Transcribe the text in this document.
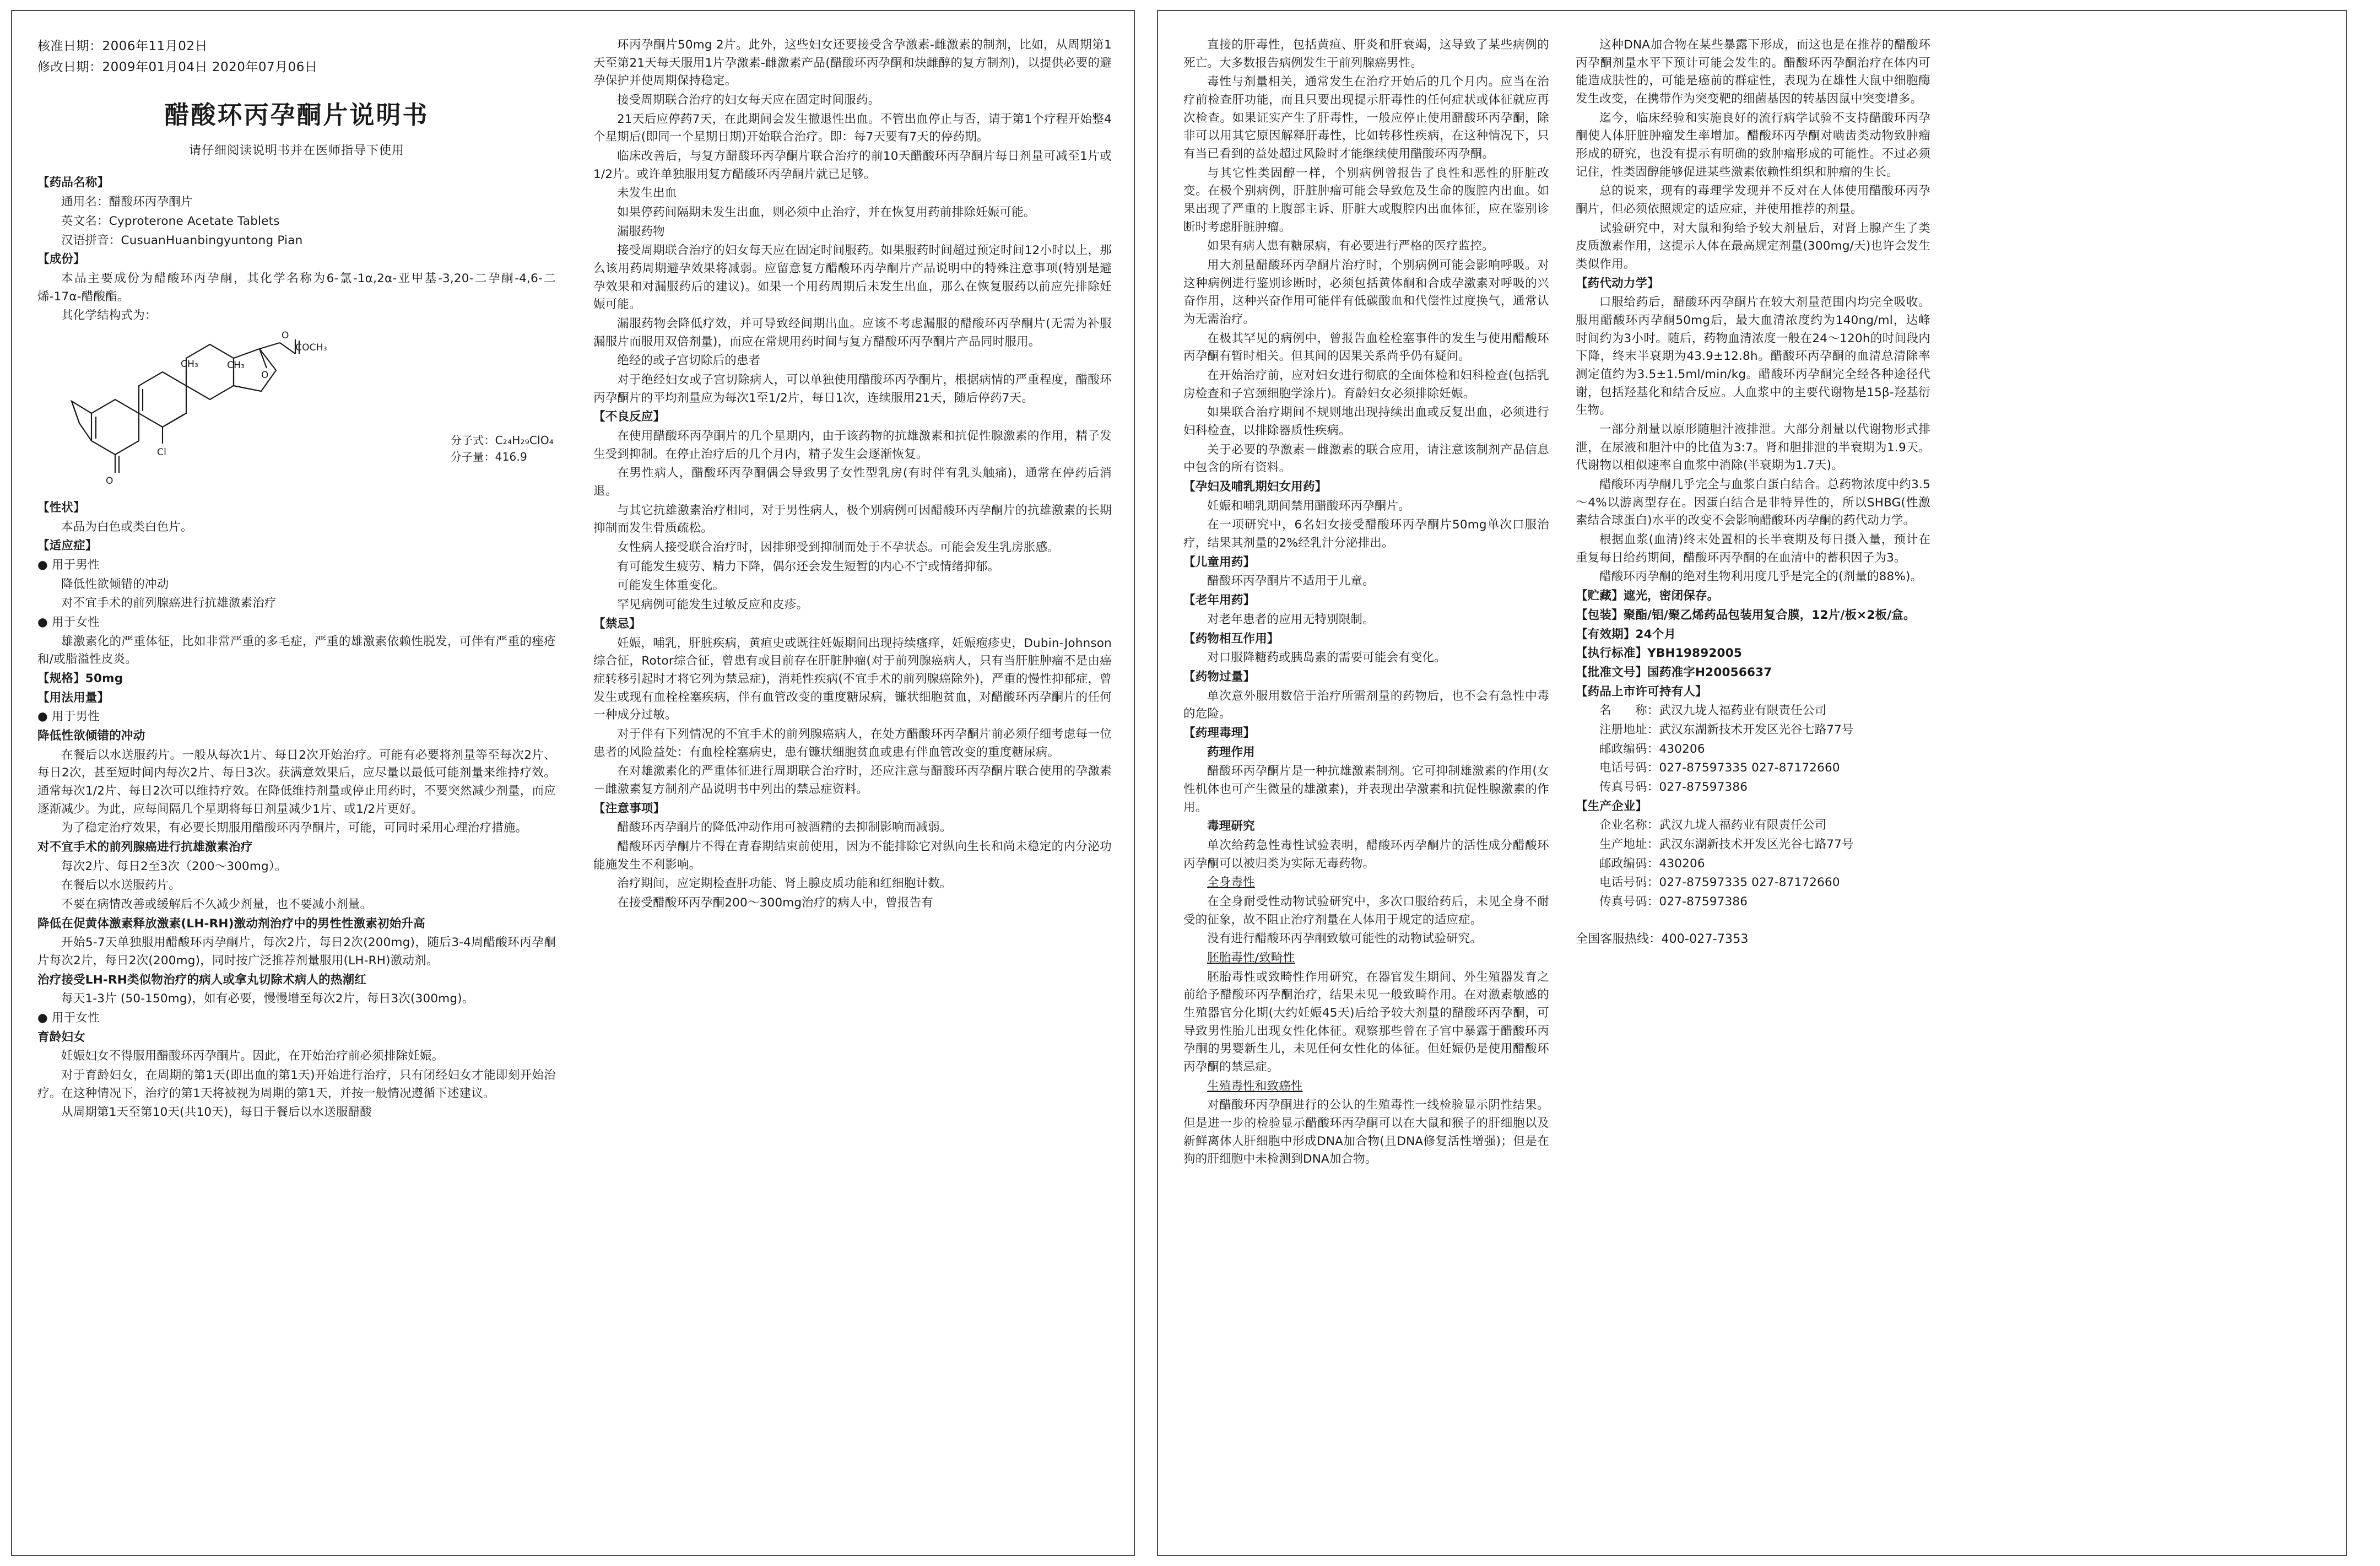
核准日期：2006年11月02日

修改日期：2009年01月04日 2020年07月06日

醋酸环丙孕酮片说明书
请仔细阅读说明书并在医师指导下使用

【药品名称】

通用名：醋酸环丙孕酮片

英文名：Cyproterone Acetate Tablets

汉语拼音：CusuanHuanbingyuntong Pian

【成份】

本品主要成份为醋酸环丙孕酮，其化学名称为6-氯-1α,2α-亚甲基-3,20-二孕酮-4,6-二烯-17α-醋酸酯。

其化学结构式为：

O
Cl
CH₃	CH₃
O
COCH₃
O
分子式：C₂₄H₂₉ClO₄
分子量：416.9

【性状】

本品为白色或类白色片。

【适应症】

● 用于男性

降低性欲倾错的冲动

对不宜手术的前列腺癌进行抗雄激素治疗

● 用于女性

雄激素化的严重体征，比如非常严重的多毛症，严重的雄激素依赖性脱发，可伴有严重的痤疮和/或脂溢性皮炎。

【规格】50mg

【用法用量】

● 用于男性

降低性欲倾错的冲动

在餐后以水送服药片。一般从每次1片、每日2次开始治疗。可能有必要将剂量等至每次2片、每日2次，甚至短时间内每次2片、每日3次。获满意效果后，应尽量以最低可能剂量来维持疗效。通常每次1/2片、每日2次可以维持疗效。在降低维持剂量或停止用药时，不要突然减少剂量，而应逐渐减少。为此，应每间隔几个星期将每日剂量减少1片、或1/2片更好。

为了稳定治疗效果，有必要长期服用醋酸环丙孕酮片，可能，可同时采用心理治疗措施。

对不宜手术的前列腺癌进行抗雄激素治疗

每次2片、每日2至3次（200～300mg）。

在餐后以水送服药片。

不要在病情改善或缓解后不久减少剂量，也不要减小剂量。

降低在促黄体激素释放激素(LH-RH)激动剂治疗中的男性性激素初始升高

开始5-7天单独服用醋酸环丙孕酮片，每次2片，每日2次(200mg)，随后3-4周醋酸环丙孕酮片每次2片，每日2次(200mg)，同时按广泛推荐剂量服用(LH-RH)激动剂。

治疗接受LH-RH类似物治疗的病人或拿丸切除术病人的热潮红

每天1-3片 (50-150mg)，如有必要，慢慢增至每次2片，每日3次(300mg)。

● 用于女性

育龄妇女

妊娠妇女不得服用醋酸环丙孕酮片。因此，在开始治疗前必须排除妊娠。

对于育龄妇女，在周期的第1天(即出血的第1天)开始进行治疗，只有闭经妇女才能即刻开始治疗。在这种情况下，治疗的第1天将被视为周期的第1天，并按一般情况遵循下述建议。

从周期第1天至第10天(共10天)，每日于餐后以水送服醋酸

环丙孕酮片50mg 2片。此外，这些妇女还要接受含孕激素-雌激素的制剂，比如，从周期第1天至第21天每天服用1片孕激素-雌激素产品(醋酸环丙孕酮和炔雌醇的复方制剂)，以提供必要的避孕保护并使周期保持稳定。

接受周期联合治疗的妇女每天应在固定时间服药。

21天后应停药7天，在此期间会发生撤退性出血。不管出血停止与否，请于第1个疗程开始整4个星期后(即同一个星期日期)开始联合治疗。即：每7天要有7天的停药期。

临床改善后，与复方醋酸环丙孕酮片联合治疗的前10天醋酸环丙孕酮片每日剂量可减至1片或1/2片。或许单独服用复方醋酸环丙孕酮片就已足够。

未发生出血

如果停药间隔期未发生出血，则必须中止治疗，并在恢复用药前排除妊娠可能。

漏服药物

接受周期联合治疗的妇女每天应在固定时间服药。如果服药时间超过预定时间12小时以上，那么该用药周期避孕效果将减弱。应留意复方醋酸环丙孕酮片产品说明中的特殊注意事项(特别是避孕效果和对漏服药后的建议)。如果一个用药周期后未发生出血，那么在恢复服药以前应先排除妊娠可能。

漏服药物会降低疗效，并可导致经间期出血。应该不考虑漏服的醋酸环丙孕酮片(无需为补服漏服片而服用双倍剂量)，而应在常规用药时间与复方醋酸环丙孕酮片产品同时服用。

绝经的或子宫切除后的患者

对于绝经妇女或子宫切除病人，可以单独使用醋酸环丙孕酮片，根据病情的严重程度，醋酸环丙孕酮片的平均剂量应为每次1至1/2片，每日1次，连续服用21天，随后停药7天。

【不良反应】

在使用醋酸环丙孕酮片的几个星期内，由于该药物的抗雄激素和抗促性腺激素的作用，精子发生受到抑制。在停止治疗后的几个月内，精子发生会逐渐恢复。

在男性病人，醋酸环丙孕酮偶会导致男子女性型乳房(有时伴有乳头触痛)，通常在停药后消退。

与其它抗雄激素治疗相同，对于男性病人，极个别病例可因醋酸环丙孕酮片的抗雄激素的长期抑制而发生骨质疏松。

女性病人接受联合治疗时，因排卵受到抑制而处于不孕状态。可能会发生乳房胀感。

有可能发生疲劳、精力下降，偶尔还会发生短暂的内心不宁或情绪抑郁。

可能发生体重变化。

罕见病例可能发生过敏反应和皮疹。

【禁忌】

妊娠，哺乳，肝脏疾病，黄疸史或既往妊娠期间出现持续瘙痒，妊娠疱疹史，Dubin-Johnson综合征，Rotor综合征，曾患有或目前存在肝脏肿瘤(对于前列腺癌病人，只有当肝脏肿瘤不是由癌症转移引起时才将它列为禁忌症)，消耗性疾病(不宜手术的前列腺癌除外)，严重的慢性抑郁症，曾发生或现有血栓栓塞疾病，伴有血管改变的重度糖尿病，镰状细胞贫血，对醋酸环丙孕酮片的任何一种成分过敏。

对于伴有下列情况的不宜手术的前列腺癌病人，在处方醋酸环丙孕酮片前必须仔细考虑每一位患者的风险益处：有血栓栓塞病史，患有镰状细胞贫血或患有伴血管改变的重度糖尿病。

在对雄激素化的严重体征进行周期联合治疗时，还应注意与醋酸环丙孕酮片联合使用的孕激素－雌激素复方制剂产品说明书中列出的禁忌症资料。

【注意事项】

醋酸环丙孕酮片的降低冲动作用可被酒精的去抑制影响而减弱。

醋酸环丙孕酮片不得在青春期结束前使用，因为不能排除它对纵向生长和尚未稳定的内分泌功能施发生不利影响。

治疗期间，应定期检查肝功能、肾上腺皮质功能和红细胞计数。

在接受醋酸环丙孕酮200～300mg治疗的病人中，曾报告有

直接的肝毒性，包括黄疸、肝炎和肝衰竭，这导致了某些病例的死亡。大多数报告病例发生于前列腺癌男性。

毒性与剂量相关，通常发生在治疗开始后的几个月内。应当在治疗前检查肝功能，而且只要出现提示肝毒性的任何症状或体征就应再次检查。如果证实产生了肝毒性，一般应停止使用醋酸环丙孕酮，除非可以用其它原因解释肝毒性，比如转移性疾病，在这种情况下，只有当已看到的益处超过风险时才能继续使用醋酸环丙孕酮。

与其它性类固醇一样，个别病例曾报告了良性和恶性的肝脏改变。在极个别病例，肝脏肿瘤可能会导致危及生命的腹腔内出血。如果出现了严重的上腹部主诉、肝脏大或腹腔内出血体征，应在鉴别诊断时考虑肝脏肿瘤。

如果有病人患有糖尿病，有必要进行严格的医疗监控。

用大剂量醋酸环丙孕酮片治疗时，个别病例可能会影响呼吸。对这种病例进行鉴别诊断时，必须包括黄体酮和合成孕激素对呼吸的兴奋作用，这种兴奋作用可能伴有低碳酸血和代偿性过度换气，通常认为无需治疗。

在极其罕见的病例中，曾报告血栓栓塞事件的发生与使用醋酸环丙孕酮有暂时相关。但其间的因果关系尚乎仍有疑问。

在开始治疗前，应对妇女进行彻底的全面体检和妇科检查(包括乳房检查和子宫颈细胞学涂片)。育龄妇女必须排除妊娠。

如果联合治疗期间不规则地出现持续出血或反复出血，必须进行妇科检查，以排除器质性疾病。

关于必要的孕激素－雌激素的联合应用，请注意该制剂产品信息中包含的所有资料。

【孕妇及哺乳期妇女用药】

妊娠和哺乳期间禁用醋酸环丙孕酮片。

在一项研究中，6名妇女接受醋酸环丙孕酮片50mg单次口服治疗，结果其剂量的2%经乳汁分泌排出。

【儿童用药】

醋酸环丙孕酮片不适用于儿童。

【老年用药】

对老年患者的应用无特别限制。

【药物相互作用】

对口服降糖药或胰岛素的需要可能会有变化。

【药物过量】

单次意外服用数倍于治疗所需剂量的药物后，也不会有急性中毒的危险。

【药理毒理】

药理作用

醋酸环丙孕酮片是一种抗雄激素制剂。它可抑制雄激素的作用(女性机体也可产生微量的雄激素)，并表现出孕激素和抗促性腺激素的作用。

毒理研究

单次给药急性毒性试验表明，醋酸环丙孕酮片的活性成分醋酸环丙孕酮可以被归类为实际无毒药物。

全身毒性

在全身耐受性动物试验研究中，多次口服给药后，未见全身不耐受的征象，故不阻止治疗剂量在人体用于规定的适应症。

没有进行醋酸环丙孕酮致敏可能性的动物试验研究。

胚胎毒性/致畸性

胚胎毒性或致畸性作用研究，在器官发生期间、外生殖器发育之前给予醋酸环丙孕酮治疗，结果未见一般致畸作用。在对激素敏感的生殖器官分化期(大约妊娠45天)后给予较大剂量的醋酸环丙孕酮，可导致男性胎儿出现女性化体征。观察那些曾在子宫中暴露于醋酸环丙孕酮的男婴新生儿，未见任何女性化的体征。但妊娠仍是使用醋酸环丙孕酮的禁忌症。

生殖毒性和致癌性

对醋酸环丙孕酮进行的公认的生殖毒性一线检验显示阴性结果。但是进一步的检验显示醋酸环丙孕酮可以在大鼠和猴子的肝细胞以及新鲜离体人肝细胞中形成DNA加合物(且DNA修复活性增强)；但是在狗的肝细胞中未检测到DNA加合物。

这种DNA加合物在某些暴露下形成，而这也是在推荐的醋酸环丙孕酮剂量水平下预计可能会发生的。醋酸环丙孕酮治疗在体内可能造成肤性的，可能是癌前的群症性，表现为在雄性大鼠中细胞酶发生改变，在携带作为突变靶的细菌基因的转基因鼠中突变增多。

迄今，临床经验和实施良好的流行病学试验不支持醋酸环丙孕酮使人体肝脏肿瘤发生率增加。醋酸环丙孕酮对啮齿类动物致肿瘤形成的研究，也没有提示有明确的致肿瘤形成的可能性。不过必须记住，性类固醇能够促进某些激素依赖性组织和肿瘤的生长。

总的说来，现有的毒理学发现并不反对在人体使用醋酸环丙孕酮片，但必须依照规定的适应症，并使用推荐的剂量。

试验研究中，对大鼠和狗给予较大剂量后，对肾上腺产生了类皮质激素作用，这提示人体在最高规定剂量(300mg/天)也许会发生类似作用。

【药代动力学】

口服给药后，醋酸环丙孕酮片在较大剂量范围内均完全吸收。服用醋酸环丙孕酮50mg后，最大血清浓度约为140ng/ml，达峰时间约为3小时。随后，药物血清浓度一般在24～120h的时间段内下降，终末半衰期为43.9±12.8h。醋酸环丙孕酮的血清总清除率测定值约为3.5±1.5ml/min/kg。醋酸环丙孕酮完全经各种途径代谢，包括羟基化和结合反应。人血浆中的主要代谢物是15β-羟基衍生物。

一部分剂量以原形随胆汁液排泄。大部分剂量以代谢物形式排泄，在尿液和胆汁中的比值为3:7。肾和胆排泄的半衰期为1.9天。代谢物以相似速率自血浆中消除(半衰期为1.7天)。

醋酸环丙孕酮几乎完全与血浆白蛋白结合。总药物浓度中约3.5～4%以游离型存在。因蛋白结合是非特异性的，所以SHBG(性激素结合球蛋白)水平的改变不会影响醋酸环丙孕酮的药代动力学。

根据血浆(血清)终末处置相的长半衰期及每日摄入量，预计在重复每日给药期间，醋酸环丙孕酮的在血清中的蓄积因子为3。

醋酸环丙孕酮的绝对生物利用度几乎是完全的(剂量的88%)。

【贮藏】遮光，密闭保存。

【包装】聚酯/铝/聚乙烯药品包装用复合膜，12片/板×2板/盒。

【有效期】24个月

【执行标准】YBH19892005

【批准文号】国药准字H20056637

【药品上市许可持有人】

名　　称：武汉九垅人福药业有限责任公司

注册地址：武汉东湖新技术开发区光谷七路77号

邮政编码：430206

电话号码：027-87597335 027-87172660

传真号码：027-87597386

【生产企业】

企业名称：武汉九垅人福药业有限责任公司

生产地址：武汉东湖新技术开发区光谷七路77号

邮政编码：430206

电话号码：027-87597335 027-87172660

传真号码：027-87597386

全国客服热线：400-027-7353
